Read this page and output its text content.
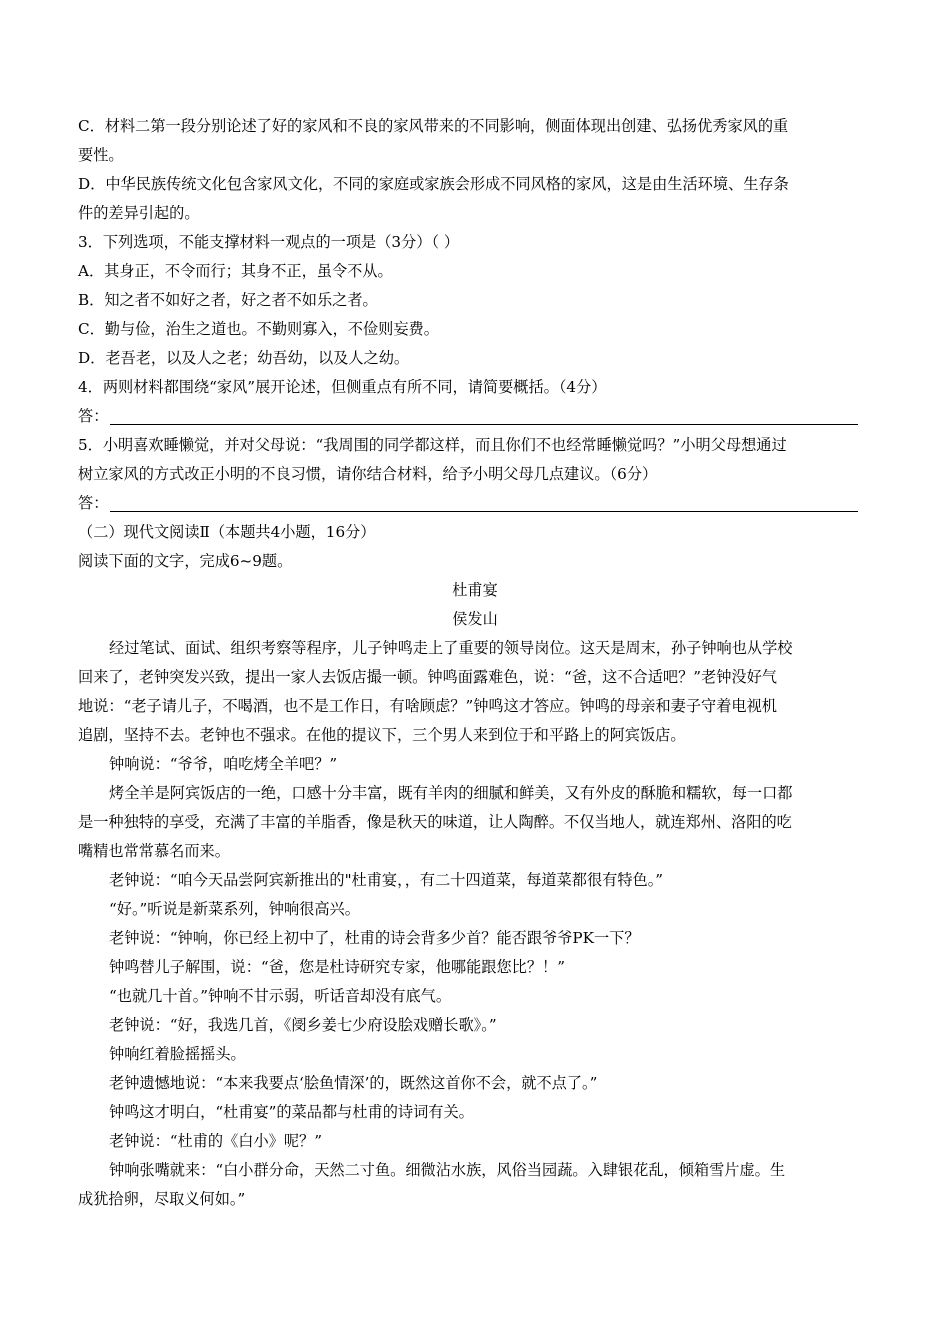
C．材料二第一段分别论述了好的家风和不良的家风带来的不同影响，侧面体现出创建、弘扬优秀家风的重

要性。

D．中华民族传统文化包含家风文化，不同的家庭或家族会形成不同风格的家风，这是由生活环境、生存条

件的差异引起的。

3．下列选项，不能支撑材料一观点的一项是（3分）（ ）

A．其身正，不令而行；其身不正，虽令不从。

B．知之者不如好之者，好之者不如乐之者。

C．勤与俭，治生之道也。不勤则寡入，不俭则妄费。

D．老吾老，以及人之老；幼吾幼，以及人之幼。

4．两则材料都围绕“家风”展开论述，但侧重点有所不同，请简要概括。（4分）

答：

5．小明喜欢睡懒觉，并对父母说：“我周围的同学都这样，而且你们不也经常睡懒觉吗？”小明父母想通过

树立家风的方式改正小明的不良习惯，请你结合材料，给予小明父母几点建议。（6分）

答：

（二）现代文阅读Ⅱ（本题共4小题，16分）

阅读下面的文字，完成6~9题。

杜甫宴

侯发山

经过笔试、面试、组织考察等程序，儿子钟鸣走上了重要的领导岗位。这天是周末，孙子钟响也从学校

回来了，老钟突发兴致，提出一家人去饭店撮一顿。钟鸣面露难色，说：“爸，这不合适吧？”老钟没好气

地说：“老子请儿子，不喝酒，也不是工作日，有啥顾虑？”钟鸣这才答应。钟鸣的母亲和妻子守着电视机

追剧，坚持不去。老钟也不强求。在他的提议下，三个男人来到位于和平路上的阿宾饭店。

钟响说：“爷爷，咱吃烤全羊吧？”

烤全羊是阿宾饭店的一绝，口感十分丰富，既有羊肉的细腻和鲜美，又有外皮的酥脆和糯软，每一口都

是一种独特的享受，充满了丰富的羊脂香，像是秋天的味道，让人陶醉。不仅当地人，就连郑州、洛阳的吃

嘴精也常常慕名而来。

老钟说：“咱今天品尝阿宾新推出的"杜甫宴，，有二十四道菜，每道菜都很有特色。”

“好。”听说是新菜系列，钟响很高兴。

老钟说：“钟响，你已经上初中了，杜甫的诗会背多少首？能否跟爷爷PK一下？

钟鸣替儿子解围，说：“爸，您是杜诗研究专家，他哪能跟您比？！”

“也就几十首。”钟响不甘示弱，听话音却没有底气。

老钟说：“好，我选几首，《阌乡姜七少府设脍戏赠长歌》。”

钟响红着脸摇摇头。

老钟遗憾地说：“本来我要点‘脍鱼情深’的，既然这首你不会，就不点了。”

钟鸣这才明白，“杜甫宴”的菜品都与杜甫的诗词有关。

老钟说：“杜甫的《白小》呢？”

钟响张嘴就来：“白小群分命，天然二寸鱼。细微沾水族，风俗当园蔬。入肆银花乱，倾箱雪片虚。生

成犹拾卵，尽取义何如。”
